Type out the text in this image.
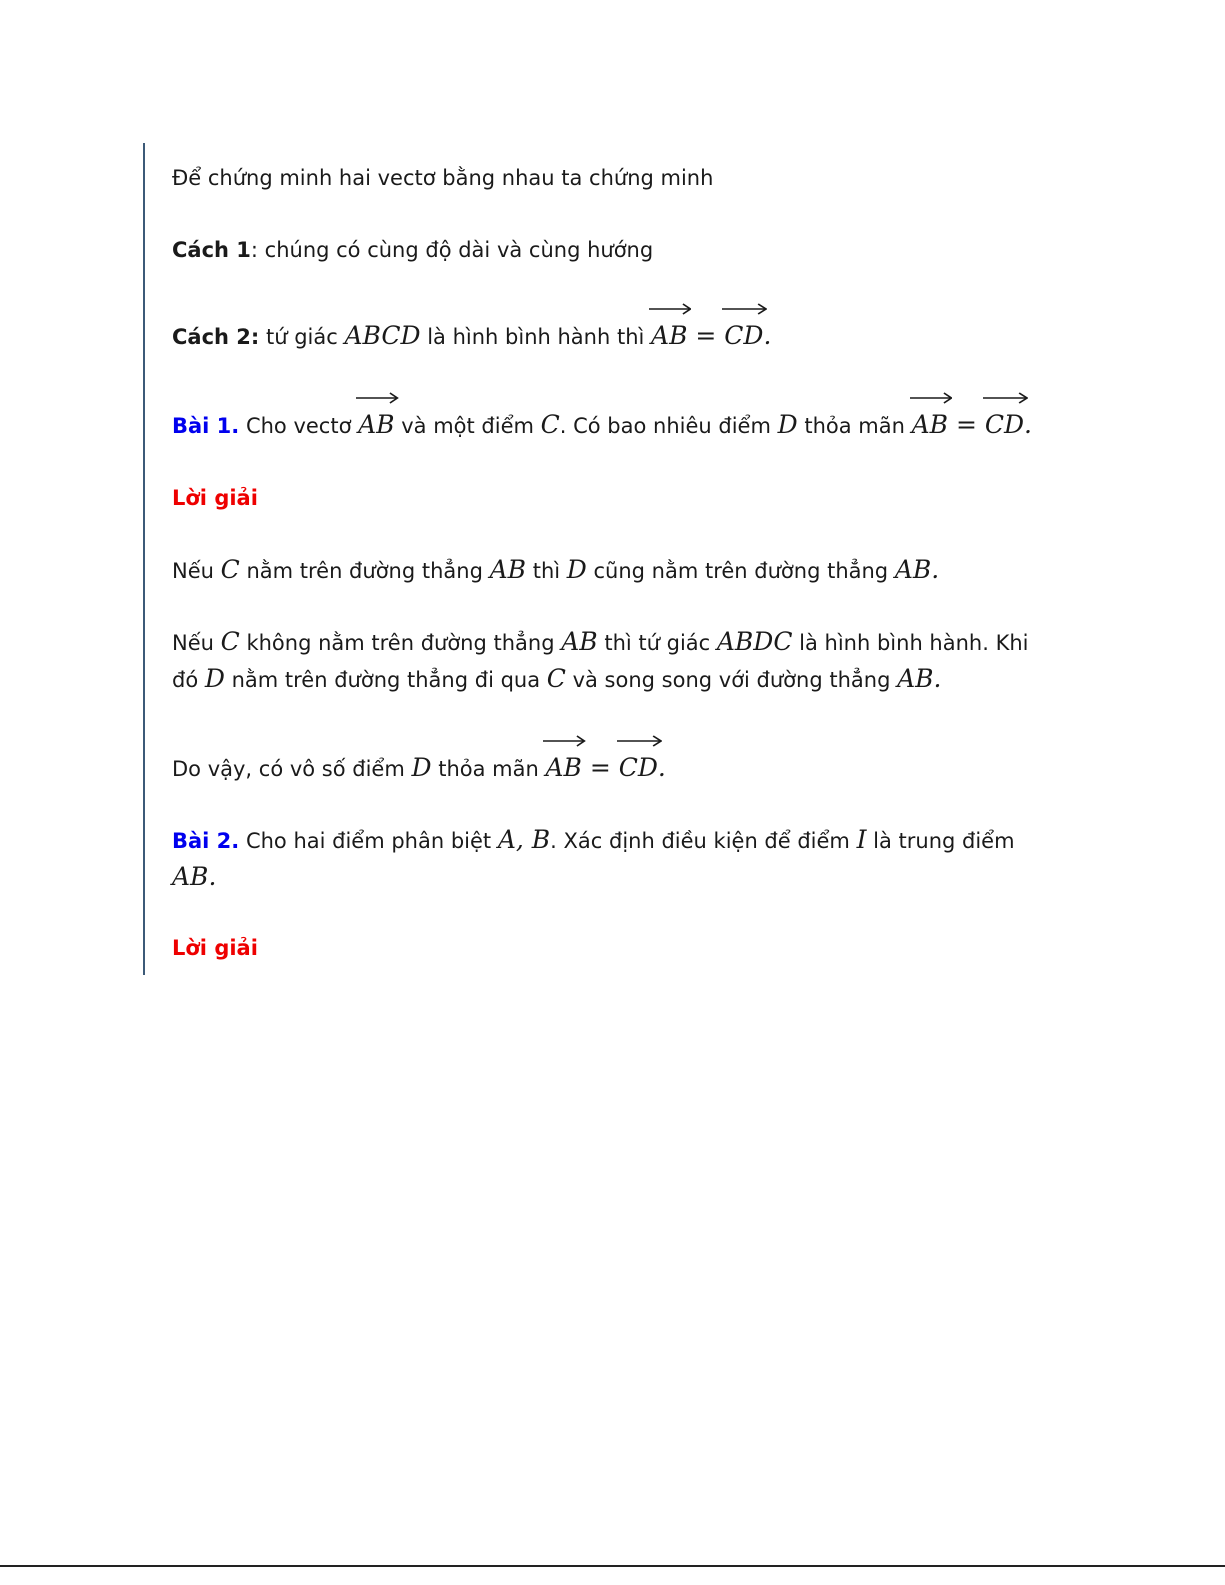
Để chứng minh hai vectơ bằng nhau ta chứng minh
Cách 1: chúng có cùng độ dài và cùng hướng
Cách 2: tứ giác ABCD là hình bình hành thì
AB =
CD.
Bài 1. Cho vectơ
AB và một điểm C. Có bao nhiêu điểm D thỏa mãn
AB =
CD.
Lời giải
Nếu C nằm trên đường thẳng AB thì D cũng nằm trên đường thẳng AB.
Nếu C không nằm trên đường thẳng AB thì tứ giác ABDC là hình bình hành. Khi đó D nằm trên đường thẳng đi qua C và song song với đường thẳng AB.
Do vậy, có vô số điểm D thỏa mãn
AB =
CD.
Bài 2. Cho hai điểm phân biệt A, B. Xác định điều kiện để điểm I là trung điểm AB.
Lời giải
